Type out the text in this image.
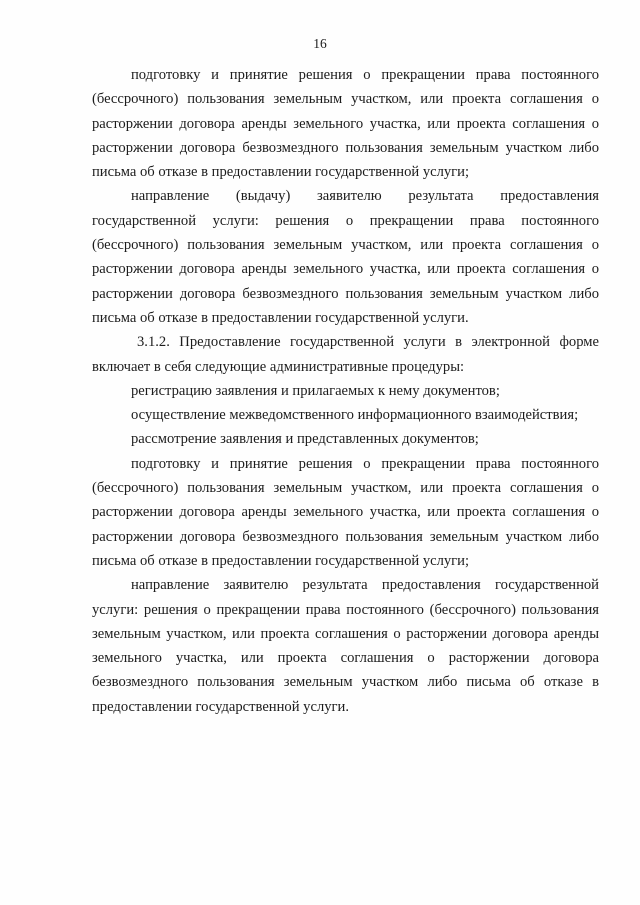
16

подготовку и принятие решения о прекращении права постоянного (бессрочного) пользования земельным участком, или проекта соглашения о расторжении договора аренды земельного участка, или проекта соглашения о расторжении договора безвозмездного пользования земельным участком либо письма об отказе в предоставлении государственной услуги;

направление (выдачу) заявителю результата предоставления государственной услуги: решения о прекращении права постоянного (бессрочного) пользования земельным участком, или проекта соглашения о расторжении договора аренды земельного участка, или проекта соглашения о расторжении договора безвозмездного пользования земельным участком либо письма об отказе в предоставлении государственной услуги.

3.1.2. Предоставление государственной услуги в электронной форме включает в себя следующие административные процедуры:

регистрацию заявления и прилагаемых к нему документов;

осуществление межведомственного информационного взаимодействия;

рассмотрение заявления и представленных документов;

подготовку и принятие решения о прекращении права постоянного (бессрочного) пользования земельным участком, или проекта соглашения о расторжении договора аренды земельного участка, или проекта соглашения о расторжении договора безвозмездного пользования земельным участком либо письма об отказе в предоставлении государственной услуги;

направление заявителю результата предоставления государственной услуги: решения о прекращении права постоянного (бессрочного) пользования земельным участком, или проекта соглашения о расторжении договора аренды земельного участка, или проекта соглашения о расторжении договора безвозмездного пользования земельным участком либо письма об отказе в предоставлении государственной услуги.
